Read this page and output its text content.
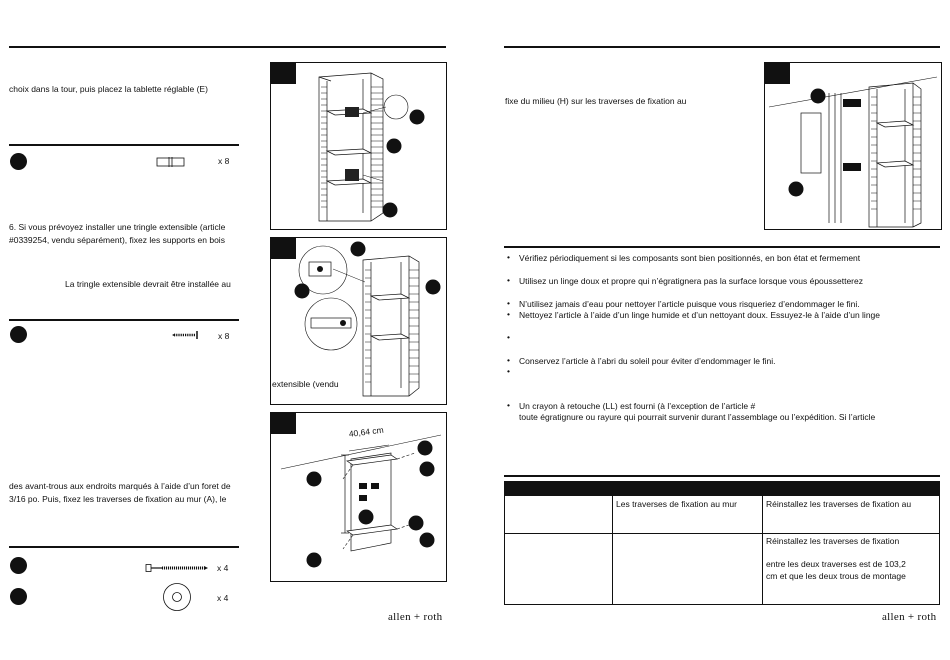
choix dans la tour, puis placez la tablette réglable (E)
x 8
6. Si vous prévoyez installer une tringle extensible (article
#0339254, vendu séparément), fixez les supports en bois
La tringle extensible devrait être installée au
x 8
des avant-trous aux endroits marqués à l’aide d’un foret de
3/16 po. Puis, fixez les traverses de fixation au mur (A), le
x 4
x 4
extensible (vendu
40,64 cm
allen + roth
fixe du milieu (H) sur les traverses de fixation au
• Vérifiez périodiquement si les composants sont bien positionnés, en bon état et fermement
• Utilisez un linge doux et propre qui n’égratignera pas la surface lorsque vous époussetterez
• N’utilisez jamais d’eau pour nettoyer l’article puisque vous risqueriez d’endommager le fini.
• Nettoyez l’article à l’aide d’un linge humide et d’un nettoyant doux. Essuyez-le à l’aide d’un linge
•
• Conservez l’article à l’abri du soleil pour éviter d’endommager le fini.
•
• Un crayon à retouche (LL) est fourni (à l’exception de l’article #
toute égratignure ou rayure qui pourrait survenir durant l’assemblage ou l’expédition. Si l’article
Les traverses de fixation au mur	Réinstallez les traverses de fixation au
Réinstallez les traverses de fixation
entre les deux traverses est de 103,2
cm et que les deux trous de montage
allen + roth
